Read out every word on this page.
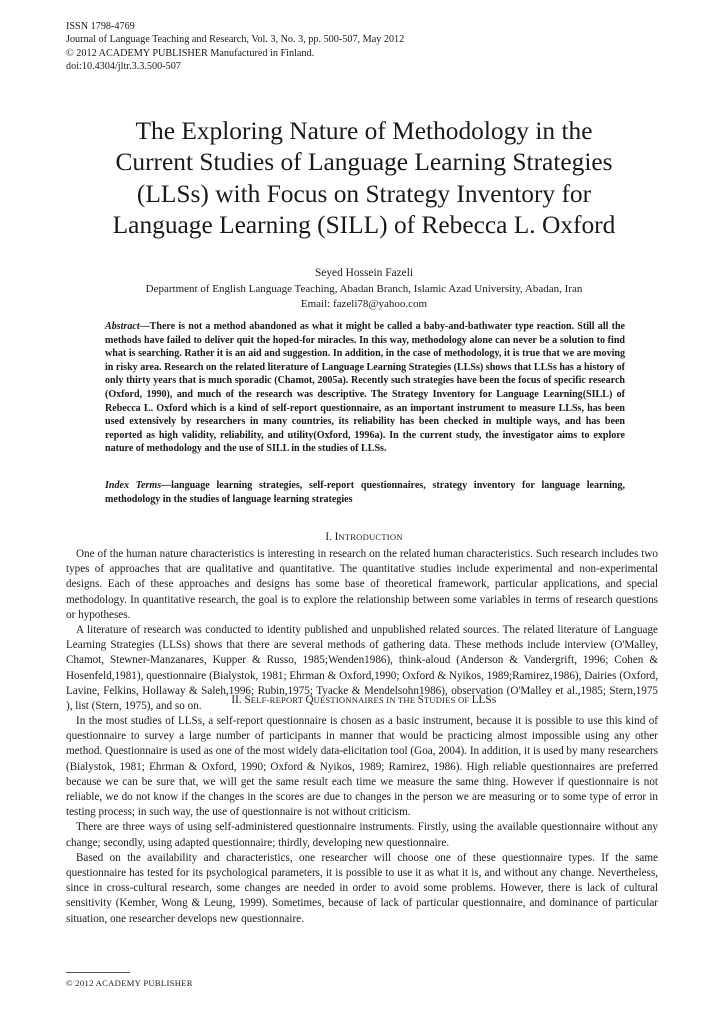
ISSN 1798-4769
Journal of Language Teaching and Research, Vol. 3, No. 3, pp. 500-507, May 2012
© 2012 ACADEMY PUBLISHER Manufactured in Finland.
doi:10.4304/jltr.3.3.500-507
The Exploring Nature of Methodology in the
Current Studies of Language Learning Strategies
(LLSs) with Focus on Strategy Inventory for
Language Learning (SILL) of Rebecca L. Oxford
Seyed Hossein Fazeli
Department of English Language Teaching, Abadan Branch, Islamic Azad University, Abadan, Iran
Email: fazeli78@yahoo.com
Abstract—There is not a method abandoned as what it might be called a baby-and-bathwater type reaction. Still all the methods have failed to deliver quit the hoped-for miracles. In this way, methodology alone can never be a solution to find what is searching. Rather it is an aid and suggestion. In addition, in the case of methodology, it is true that we are moving in risky area. Research on the related literature of Language Learning Strategies (LLSs) shows that LLSs has a history of only thirty years that is much sporadic (Chamot, 2005a). Recently such strategies have been the focus of specific research (Oxford, 1990), and much of the research was descriptive. The Strategy Inventory for Language Learning(SILL) of Rebecca L. Oxford which is a kind of self-report questionnaire, as an important instrument to measure LLSs, has been used extensively by researchers in many countries, its reliability has been checked in multiple ways, and has been reported as high validity, reliability, and utility(Oxford, 1996a). In the current study, the investigator aims to explore nature of methodology and the use of SILL in the studies of LLSs.
Index Terms—language learning strategies, self-report questionnaires, strategy inventory for language learning, methodology in the studies of language learning strategies
I. INTRODUCTION

One of the human nature characteristics is interesting in research on the related human characteristics. Such research includes two types of approaches that are qualitative and quantitative. The quantitative studies include experimental and non-experimental designs. Each of these approaches and designs has some base of theoretical framework, particular applications, and special methodology. In quantitative research, the goal is to explore the relationship between some variables in terms of research questions or hypotheses.

A literature of research was conducted to identity published and unpublished related sources. The related literature of Language Learning Strategies (LLSs) shows that there are several methods of gathering data. These methods include interview (O'Malley, Chamot, Stewner-Manzanares, Kupper & Russo, 1985;Wenden1986), think-aloud (Anderson & Vandergrift, 1996; Cohen & Hosenfeld,1981), questionnaire (Bialystok, 1981; Ehrman & Oxford,1990; Oxford & Nyikos, 1989;Ramirez,1986), Dairies (Oxford, Lavine, Felkins, Hollaway & Saleh,1996; Rubin,1975; Tyacke & Mendelsohn1986), observation (O'Malley et al.,1985; Stern,1975 ), list (Stern, 1975), and so on.

II. SELF-REPORT QUESTIONNAIRES IN THE STUDIES OF LLSS

In the most studies of LLSs, a self-report questionnaire is chosen as a basic instrument, because it is possible to use this kind of questionnaire to survey a large number of participants in manner that would be practicing almost impossible using any other method. Questionnaire is used as one of the most widely data-elicitation tool (Goa, 2004). In addition, it is used by many researchers (Bialystok, 1981; Ehrman & Oxford, 1990; Oxford & Nyikos, 1989; Ramirez, 1986). High reliable questionnaires are preferred because we can be sure that, we will get the same result each time we measure the same thing. However if questionnaire is not reliable, we do not know if the changes in the scores are due to changes in the person we are measuring or to some type of error in testing process; in such way, the use of questionnaire is not without criticism.

There are three ways of using self-administered questionnaire instruments. Firstly, using the available questionnaire without any change; secondly, using adapted questionnaire; thirdly, developing new questionnaire.

Based on the availability and characteristics, one researcher will choose one of these questionnaire types. If the same questionnaire has tested for its psychological parameters, it is possible to use it as what it is, and without any change. Nevertheless, since in cross-cultural research, some changes are needed in order to avoid some problems. However, there is lack of cultural sensitivity (Kember, Wong & Leung, 1999). Sometimes, because of lack of particular questionnaire, and dominance of particular situation, one researcher develops new questionnaire.

© 2012 ACADEMY PUBLISHER
